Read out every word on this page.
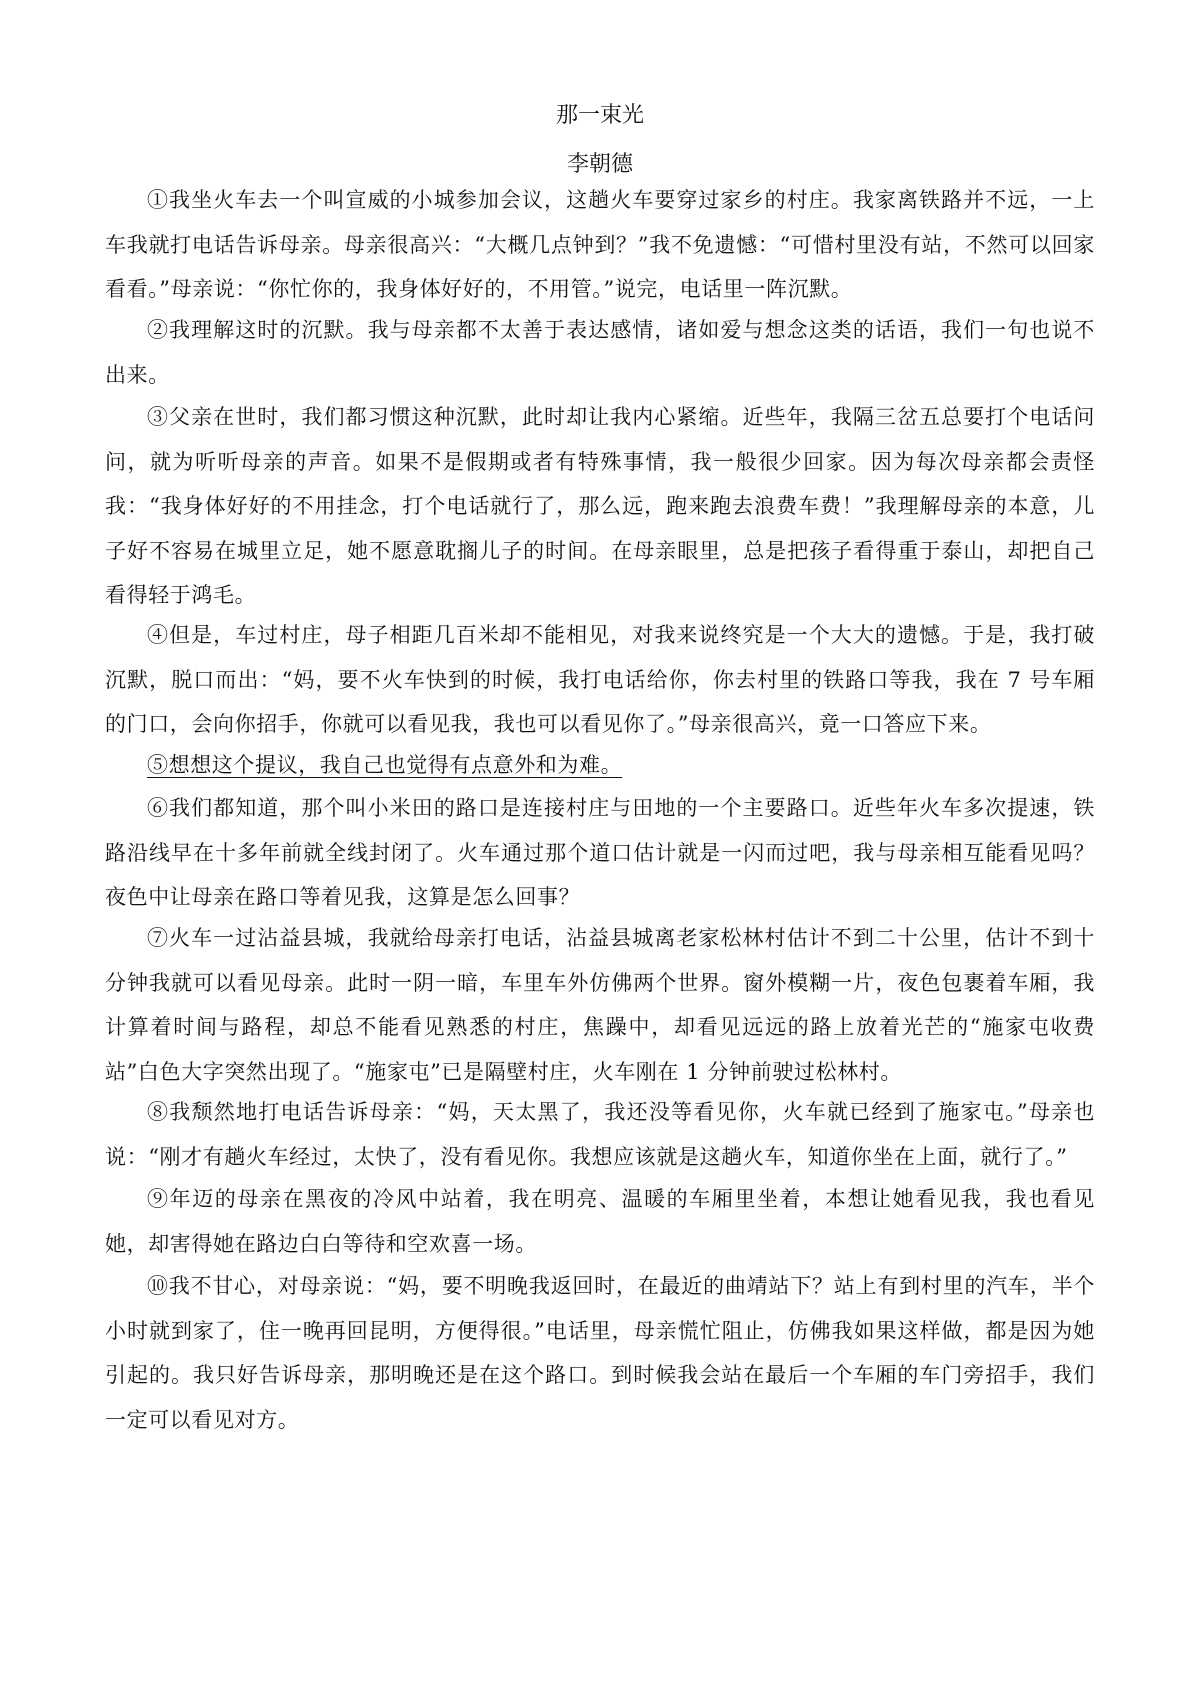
那一束光
李朝德

①我坐火车去一个叫宣威的小城参加会议，这趟火车要穿过家乡的村庄。我家离铁路并不远，一上车我就打电话告诉母亲。母亲很高兴：“大概几点钟到？”我不免遗憾：“可惜村里没有站，不然可以回家看看。”母亲说：“你忙你的，我身体好好的，不用管。”说完，电话里一阵沉默。

②我理解这时的沉默。我与母亲都不太善于表达感情，诸如爱与想念这类的话语，我们一句也说不出来。

③父亲在世时，我们都习惯这种沉默，此时却让我内心紧缩。近些年，我隔三岔五总要打个电话问问，就为听听母亲的声音。如果不是假期或者有特殊事情，我一般很少回家。因为每次母亲都会责怪我：“我身体好好的不用挂念，打个电话就行了，那么远，跑来跑去浪费车费！”我理解母亲的本意，儿子好不容易在城里立足，她不愿意耽搁儿子的时间。在母亲眼里，总是把孩子看得重于泰山，却把自己看得轻于鸿毛。

④但是，车过村庄，母子相距几百米却不能相见，对我来说终究是一个大大的遗憾。于是，我打破沉默，脱口而出：“妈，要不火车快到的时候，我打电话给你，你去村里的铁路口等我，我在 7 号车厢的门口，会向你招手，你就可以看见我，我也可以看见你了。”母亲很高兴，竟一口答应下来。

⑤想想这个提议，我自己也觉得有点意外和为难。

⑥我们都知道，那个叫小米田的路口是连接村庄与田地的一个主要路口。近些年火车多次提速，铁路沿线早在十多年前就全线封闭了。火车通过那个道口估计就是一闪而过吧，我与母亲相互能看见吗？夜色中让母亲在路口等着见我，这算是怎么回事？

⑦火车一过沾益县城，我就给母亲打电话，沾益县城离老家松林村估计不到二十公里，估计不到十分钟我就可以看见母亲。此时一阴一暗，车里车外仿佛两个世界。窗外模糊一片，夜色包裹着车厢，我计算着时间与路程，却总不能看见熟悉的村庄，焦躁中，却看见远远的路上放着光芒的“施家屯收费站”白色大字突然出现了。“施家屯”已是隔壁村庄，火车刚在 1 分钟前驶过松林村。

⑧我颓然地打电话告诉母亲：“妈，天太黑了，我还没等看见你，火车就已经到了施家屯。”母亲也说：“刚才有趟火车经过，太快了，没有看见你。我想应该就是这趟火车，知道你坐在上面，就行了。”

⑨年迈的母亲在黑夜的冷风中站着，我在明亮、温暖的车厢里坐着，本想让她看见我，我也看见她，却害得她在路边白白等待和空欢喜一场。

⑩我不甘心，对母亲说：“妈，要不明晚我返回时，在最近的曲靖站下？站上有到村里的汽车，半个小时就到家了，住一晚再回昆明，方便得很。”电话里，母亲慌忙阻止，仿佛我如果这样做，都是因为她引起的。我只好告诉母亲，那明晚还是在这个路口。到时候我会站在最后一个车厢的车门旁招手，我们一定可以看见对方。
